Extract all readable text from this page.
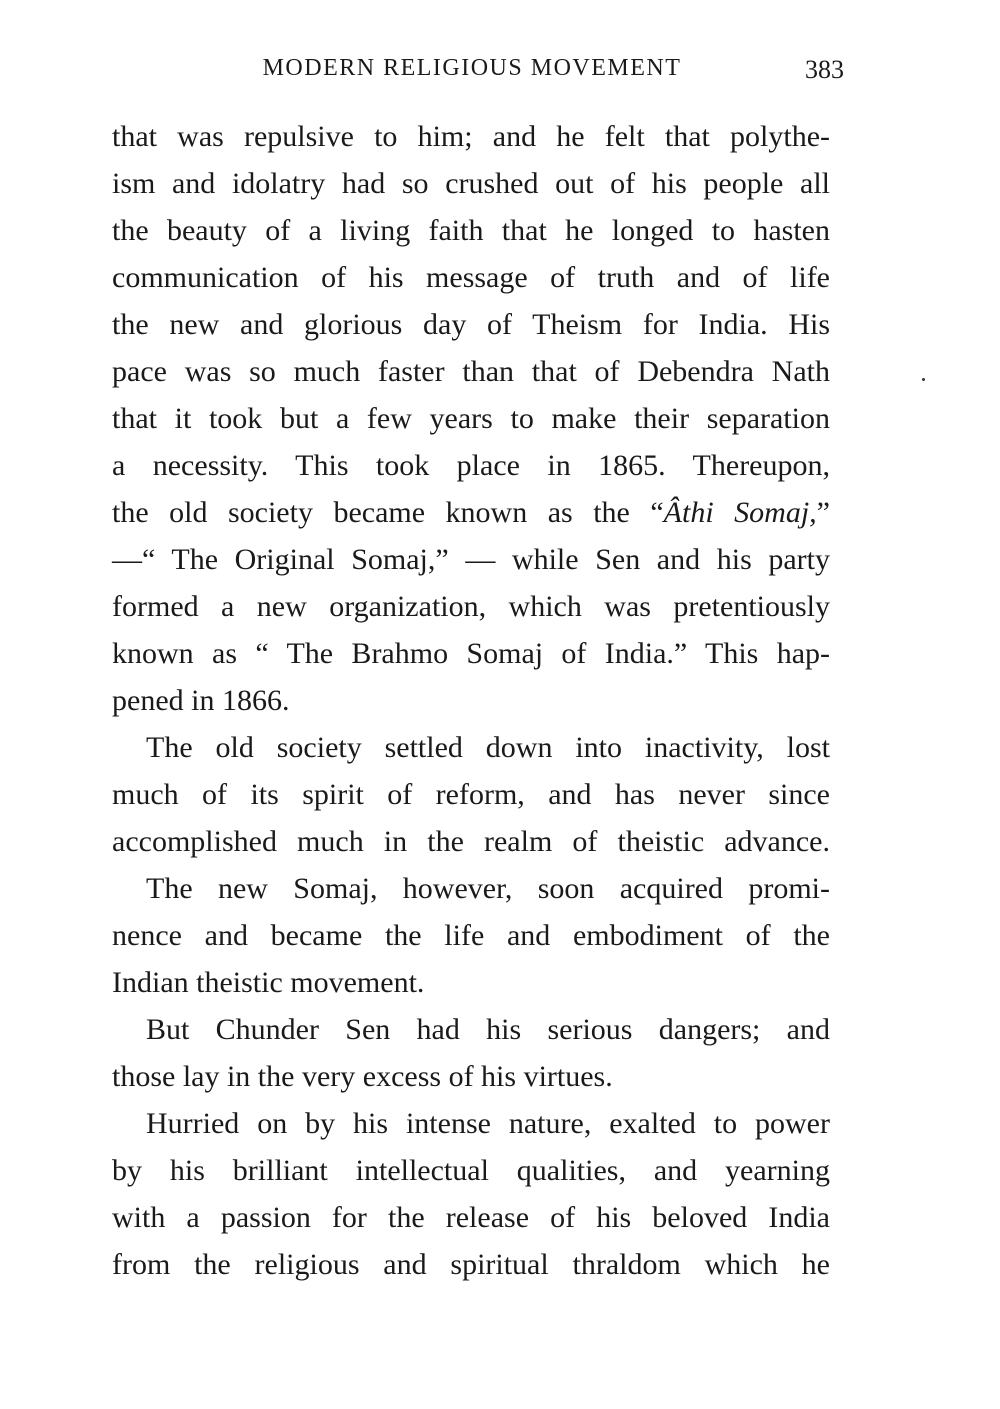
MODERN RELIGIOUS MOVEMENT	383

that was repulsive to him; and he felt that polythe-
ism and idolatry had so crushed out of his people all
the beauty of a living faith that he longed to hasten
communication of his message of truth and of life
the new and glorious day of Theism for India. His
pace was so much faster than that of Debendra Nath
that it took but a few years to make their separation
a necessity. This took place in 1865. Thereupon,
the old society became known as the “Âthi Somaj,”
—“ The Original Somaj,” — while Sen and his party
formed a new organization, which was pretentiously
known as “ The Brahmo Somaj of India.” This hap-
pened in 1866.

The old society settled down into inactivity, lost
much of its spirit of reform, and has never since
accomplished much in the realm of theistic advance.

The new Somaj, however, soon acquired promi-
nence and became the life and embodiment of the
Indian theistic movement.

But Chunder Sen had his serious dangers; and
those lay in the very excess of his virtues.

Hurried on by his intense nature, exalted to power
by his brilliant intellectual qualities, and yearning
with a passion for the release of his beloved India
from the religious and spiritual thraldom which he
